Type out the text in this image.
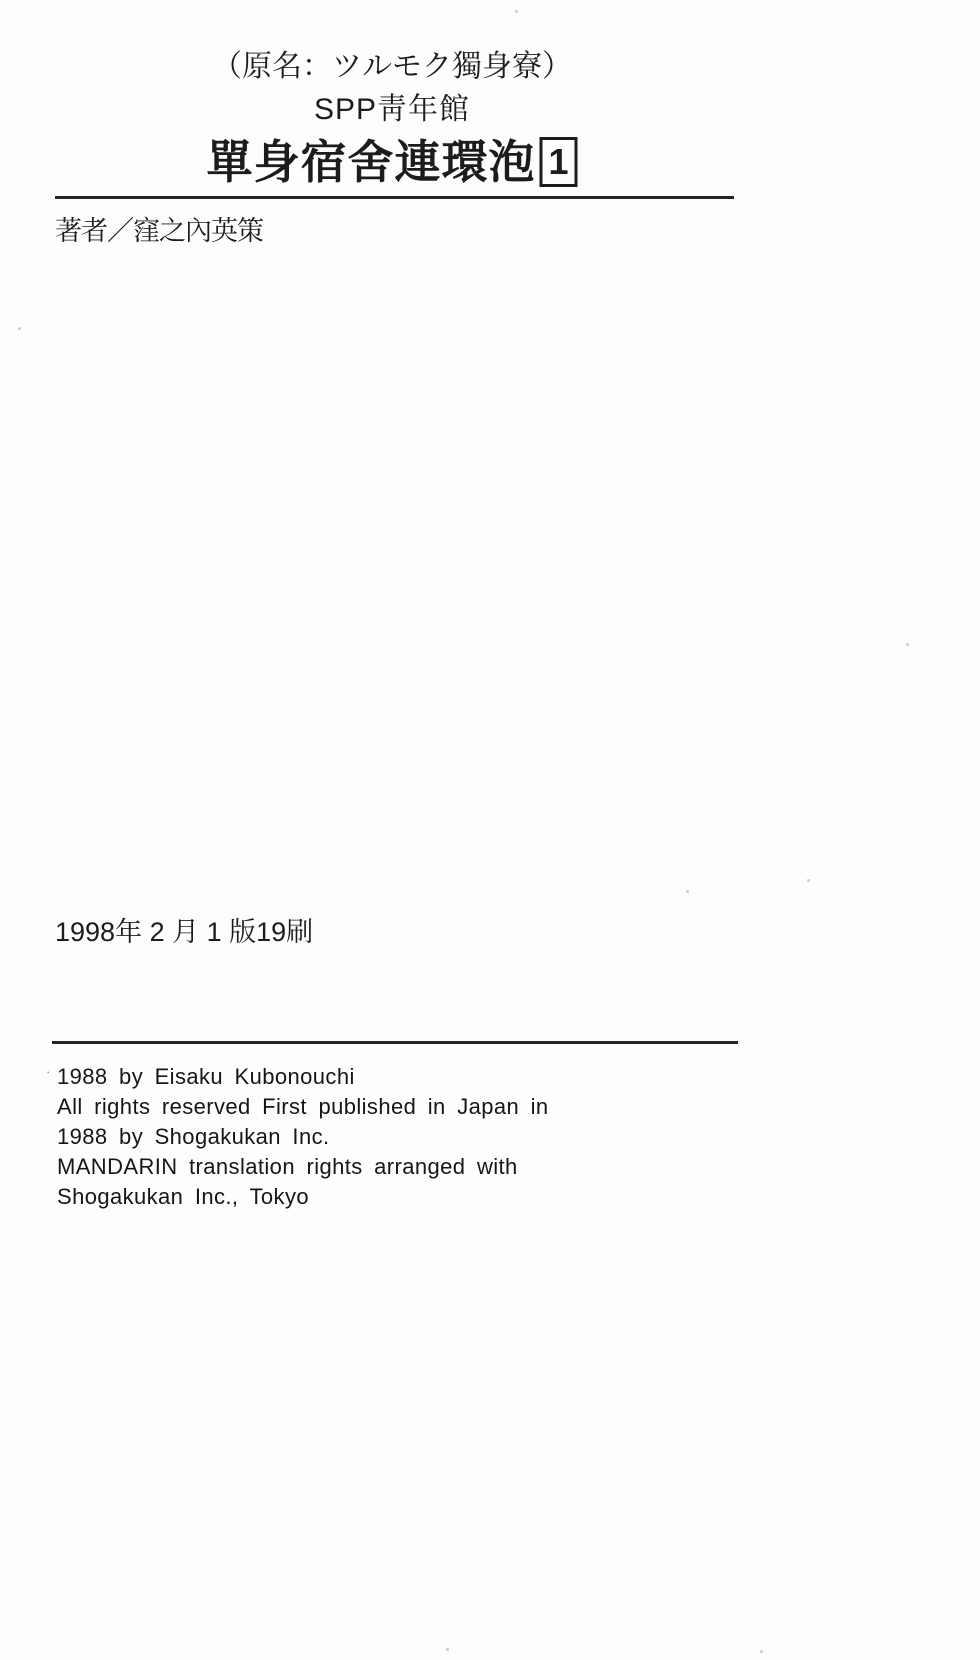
（原名：ツルモク獨身寮）
SPP靑年館
單身宿舍連環泡 1
著者／窪之內英策
1998年 2 月 1 版19刷
· 1988 by Eisaku Kubonouchi
All rights reserved First published in Japan in
1988 by Shogakukan Inc.
MANDARIN translation rights arranged with
Shogakukan Inc., Tokyo
